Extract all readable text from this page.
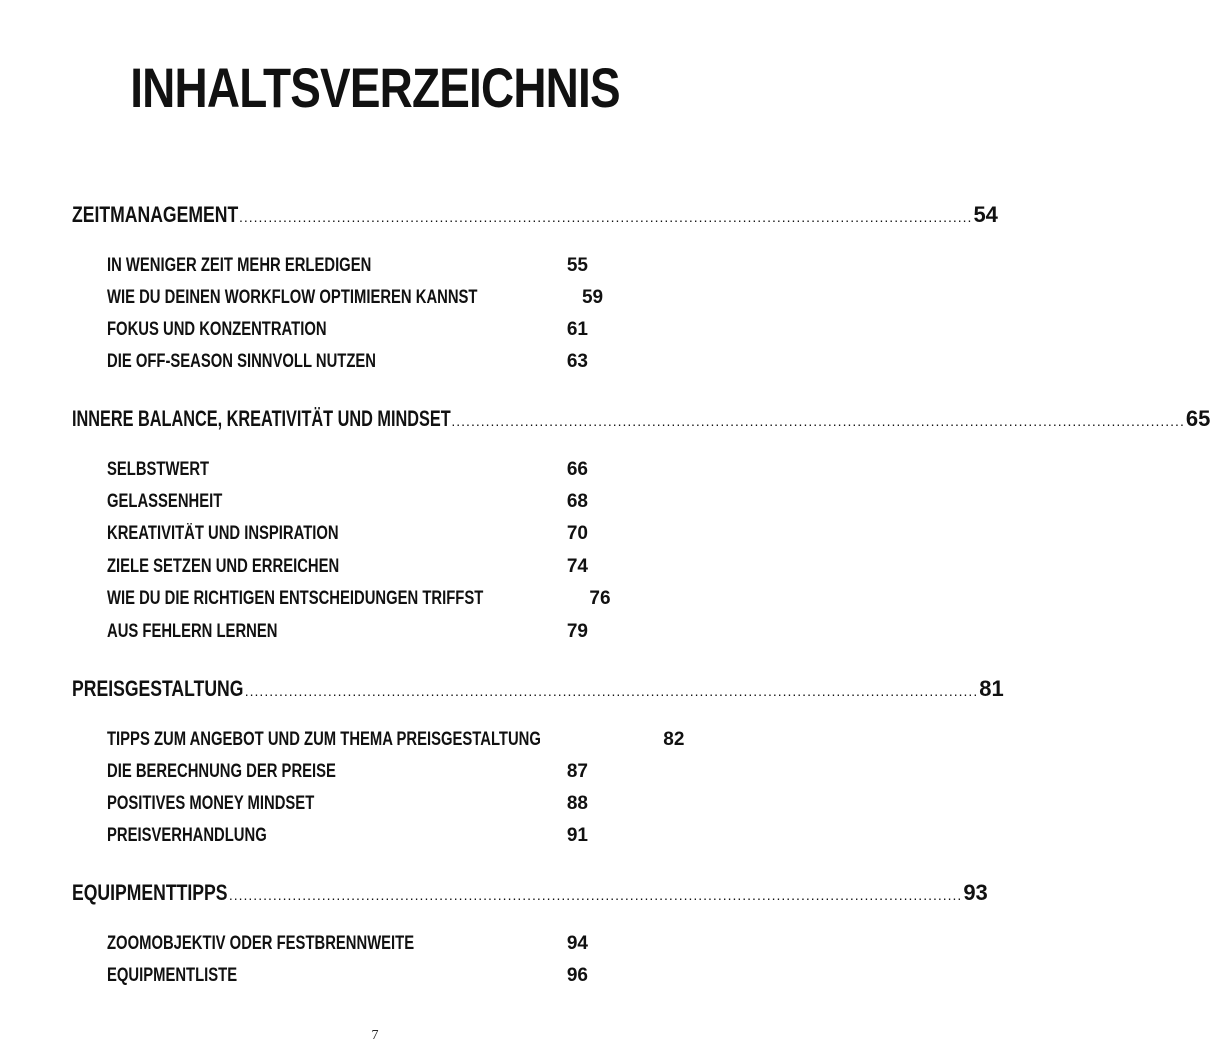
INHALTSVERZEICHNIS
ZEITMANAGEMENT ...................................................................................................................................................... 54
IN WENIGER ZEIT MEHR ERLEDIGEN	55
WIE DU DEINEN WORKFLOW OPTIMIEREN KANNST	59
FOKUS UND KONZENTRATION	61
DIE OFF-SEASON SINNVOLL NUTZEN	63
INNERE BALANCE, KREATIVITÄT UND MINDSET ...................................................................................................................................................... 65
SELBSTWERT	66
GELASSENHEIT	68
KREATIVITÄT UND INSPIRATION	70
ZIELE SETZEN UND ERREICHEN	74
WIE DU DIE RICHTIGEN ENTSCHEIDUNGEN TRIFFST	76
AUS FEHLERN LERNEN	79
PREISGESTALTUNG ...................................................................................................................................................... 81
TIPPS ZUM ANGEBOT UND ZUM THEMA PREISGESTALTUNG	82
DIE BERECHNUNG DER PREISE	87
POSITIVES MONEY MINDSET	88
PREISVERHANDLUNG	91
EQUIPMENTTIPPS ...................................................................................................................................................... 93
ZOOMOBJEKTIV ODER FESTBRENNWEITE	94
EQUIPMENTLISTE	96
7
